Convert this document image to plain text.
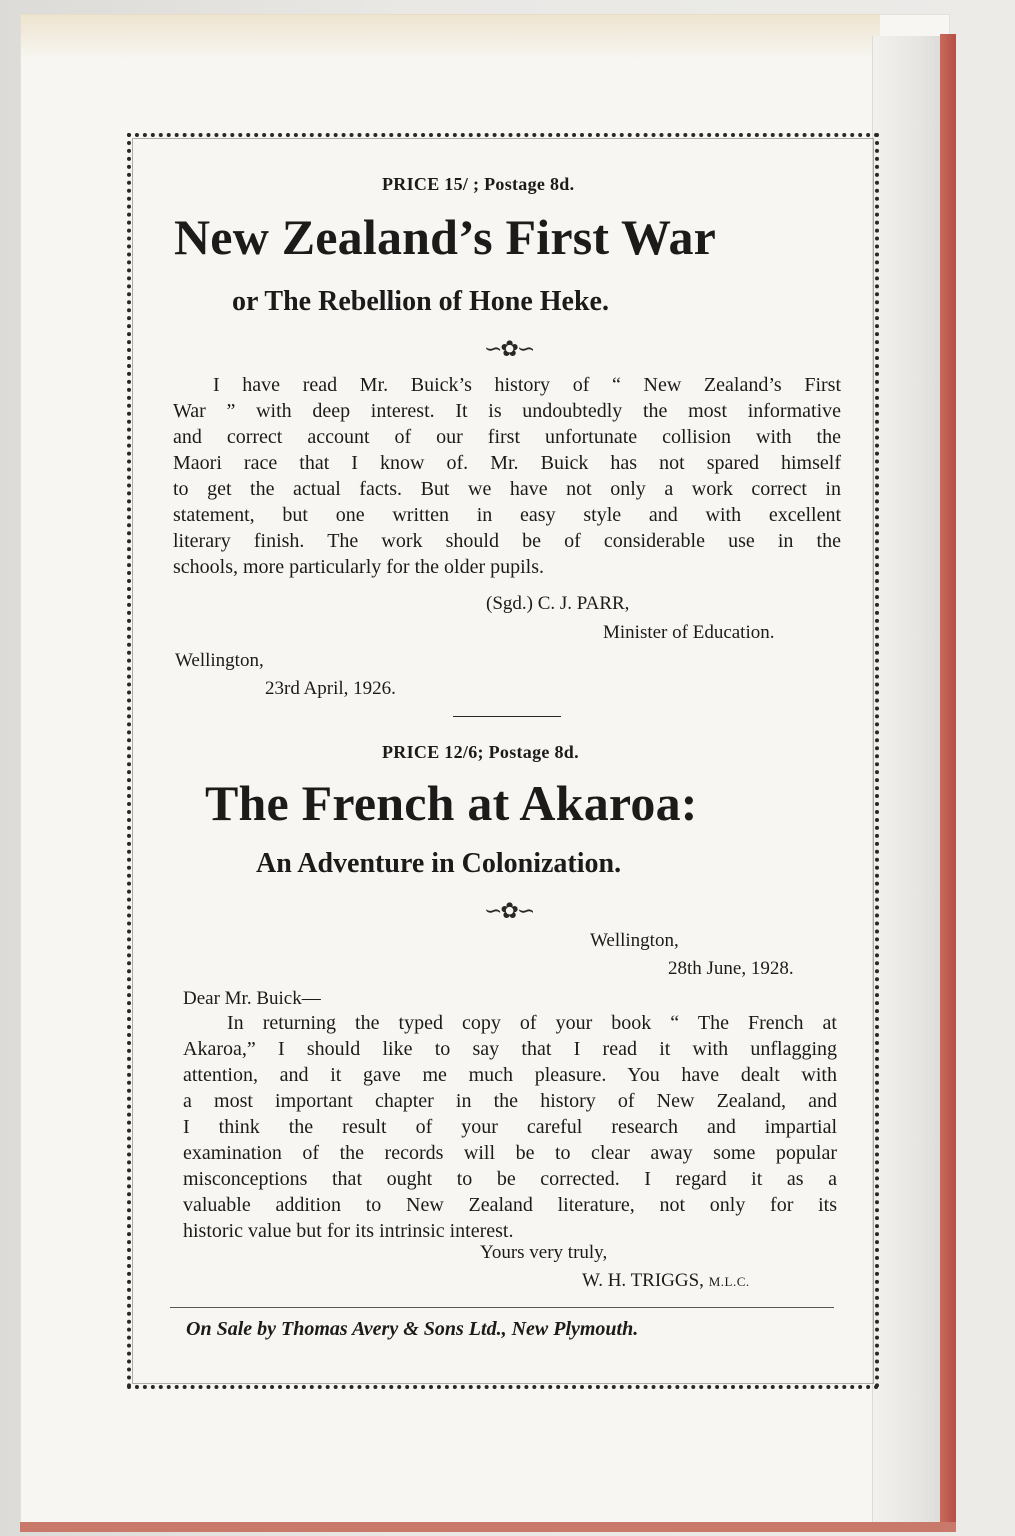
PRICE 15/ ; Postage 8d.
New Zealand’s First War
or The Rebellion of Hone Heke.
∽✿∽
I have read Mr. Buick’s history of “ New Zealand’s First
War ” with deep interest. It is undoubtedly the most informative
and correct account of our first unfortunate collision with the
Maori race that I know of. Mr. Buick has not spared himself
to get the actual facts. But we have not only a work correct in
statement, but one written in easy style and with excellent
literary finish. The work should be of considerable use in the
schools, more particularly for the older pupils.
(Sgd.) C. J. PARR,
Minister of Education.
Wellington,
23rd April, 1926.
PRICE 12/6; Postage 8d.
The French at Akaroa:
An Adventure in Colonization.
∽✿∽
Wellington,
28th June, 1928.
Dear Mr. Buick—
In returning the typed copy of your book “ The French at
Akaroa,” I should like to say that I read it with unflagging
attention, and it gave me much pleasure. You have dealt with
a most important chapter in the history of New Zealand, and
I think the result of your careful research and impartial
examination of the records will be to clear away some popular
misconceptions that ought to be corrected. I regard it as a
valuable addition to New Zealand literature, not only for its
historic value but for its intrinsic interest.
Yours very truly,
W. H. TRIGGS, M.L.C.
On Sale by Thomas Avery & Sons Ltd., New Plymouth.
